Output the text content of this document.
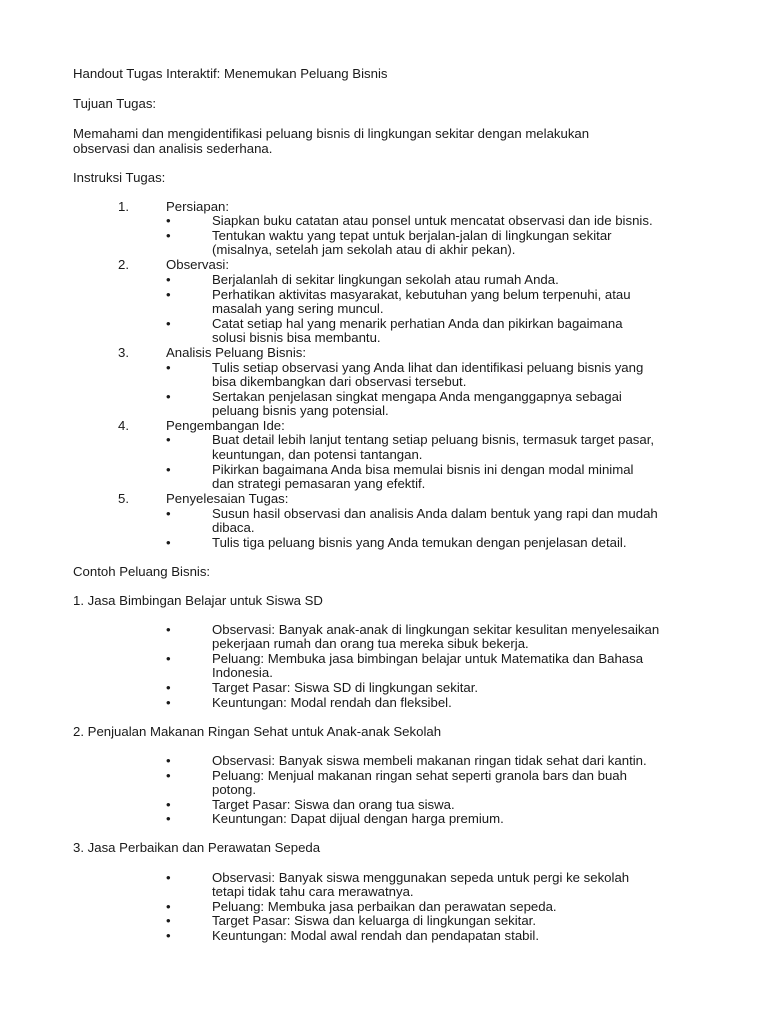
Handout Tugas Interaktif: Menemukan Peluang Bisnis
Tujuan Tugas:
Memahami dan mengidentifikasi peluang bisnis di lingkungan sekitar dengan melakukan
observasi dan analisis sederhana.
Instruksi Tugas:
1.	Persiapan:
•	Siapkan buku catatan atau ponsel untuk mencatat observasi dan ide bisnis.
•	Tentukan waktu yang tepat untuk berjalan-jalan di lingkungan sekitar
(misalnya, setelah jam sekolah atau di akhir pekan).
2.	Observasi:
•	Berjalanlah di sekitar lingkungan sekolah atau rumah Anda.
•	Perhatikan aktivitas masyarakat, kebutuhan yang belum terpenuhi, atau
masalah yang sering muncul.
•	Catat setiap hal yang menarik perhatian Anda dan pikirkan bagaimana
solusi bisnis bisa membantu.
3.	Analisis Peluang Bisnis:
•	Tulis setiap observasi yang Anda lihat dan identifikasi peluang bisnis yang
bisa dikembangkan dari observasi tersebut.
•	Sertakan penjelasan singkat mengapa Anda menganggapnya sebagai
peluang bisnis yang potensial.
4.	Pengembangan Ide:
•	Buat detail lebih lanjut tentang setiap peluang bisnis, termasuk target pasar,
keuntungan, dan potensi tantangan.
•	Pikirkan bagaimana Anda bisa memulai bisnis ini dengan modal minimal
dan strategi pemasaran yang efektif.
5.	Penyelesaian Tugas:
•	Susun hasil observasi dan analisis Anda dalam bentuk yang rapi dan mudah
dibaca.
•	Tulis tiga peluang bisnis yang Anda temukan dengan penjelasan detail.
Contoh Peluang Bisnis:
1. Jasa Bimbingan Belajar untuk Siswa SD
•	Observasi: Banyak anak-anak di lingkungan sekitar kesulitan menyelesaikan
pekerjaan rumah dan orang tua mereka sibuk bekerja.
•	Peluang: Membuka jasa bimbingan belajar untuk Matematika dan Bahasa
Indonesia.
•	Target Pasar: Siswa SD di lingkungan sekitar.
•	Keuntungan: Modal rendah dan fleksibel.
2. Penjualan Makanan Ringan Sehat untuk Anak-anak Sekolah
•	Observasi: Banyak siswa membeli makanan ringan tidak sehat dari kantin.
•	Peluang: Menjual makanan ringan sehat seperti granola bars dan buah
potong.
•	Target Pasar: Siswa dan orang tua siswa.
•	Keuntungan: Dapat dijual dengan harga premium.
3. Jasa Perbaikan dan Perawatan Sepeda
•	Observasi: Banyak siswa menggunakan sepeda untuk pergi ke sekolah
tetapi tidak tahu cara merawatnya.
•	Peluang: Membuka jasa perbaikan dan perawatan sepeda.
•	Target Pasar: Siswa dan keluarga di lingkungan sekitar.
•	Keuntungan: Modal awal rendah dan pendapatan stabil.
